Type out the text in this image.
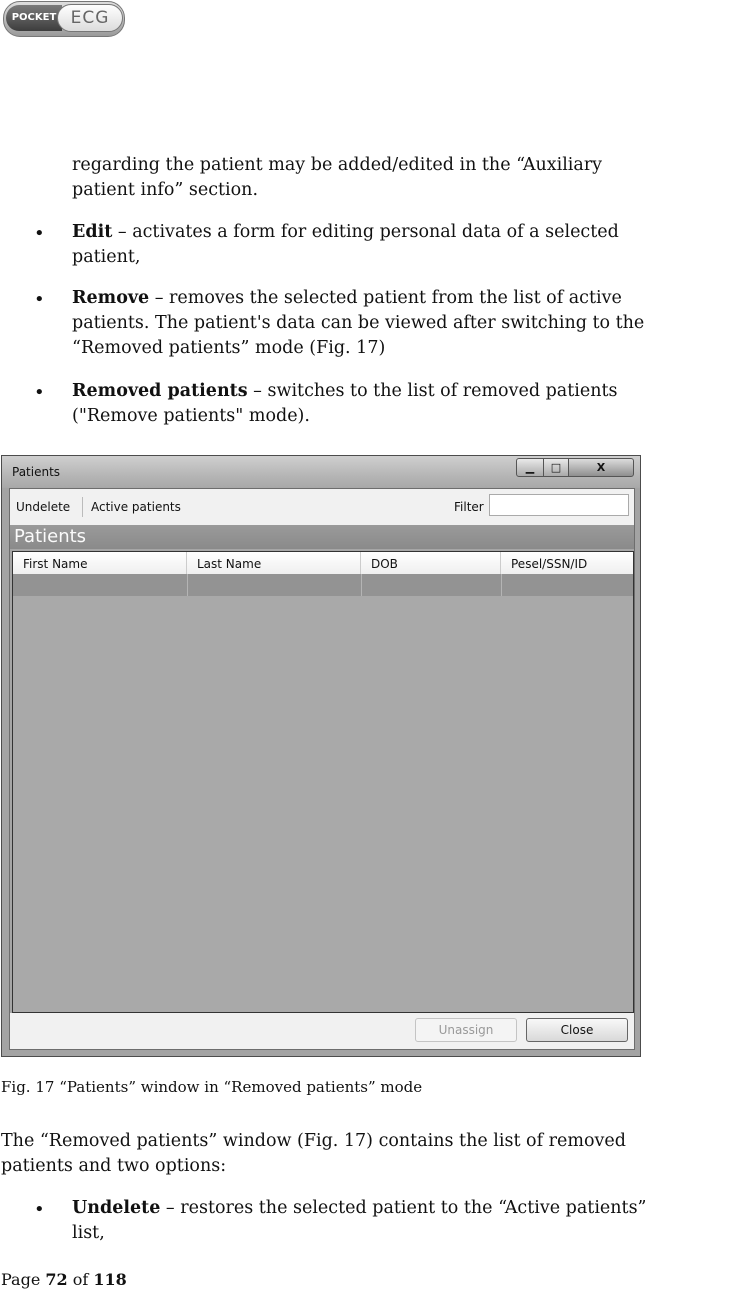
POCKET ECG
regarding the patient may be added/edited in the “Auxiliary
patient info” section.
• Edit – activates a form for editing personal data of a selected
patient,
• Remove – removes the selected patient from the list of active
patients. The patient's data can be viewed after switching to the
“Removed patients” mode (Fig. 17)
• Removed patients – switches to the list of removed patients
("Remove patients" mode).
Patients	▁	□	X
Undelete Active patients	Filter
Patients
First Name	Last Name	DOB	Pesel/SSN/ID
Unassign	Close
Fig. 17 “Patients” window in “Removed patients” mode
The “Removed patients” window (Fig. 17) contains the list of removed
patients and two options:
• Undelete – restores the selected patient to the “Active patients”
list,
Page 72 of 118
